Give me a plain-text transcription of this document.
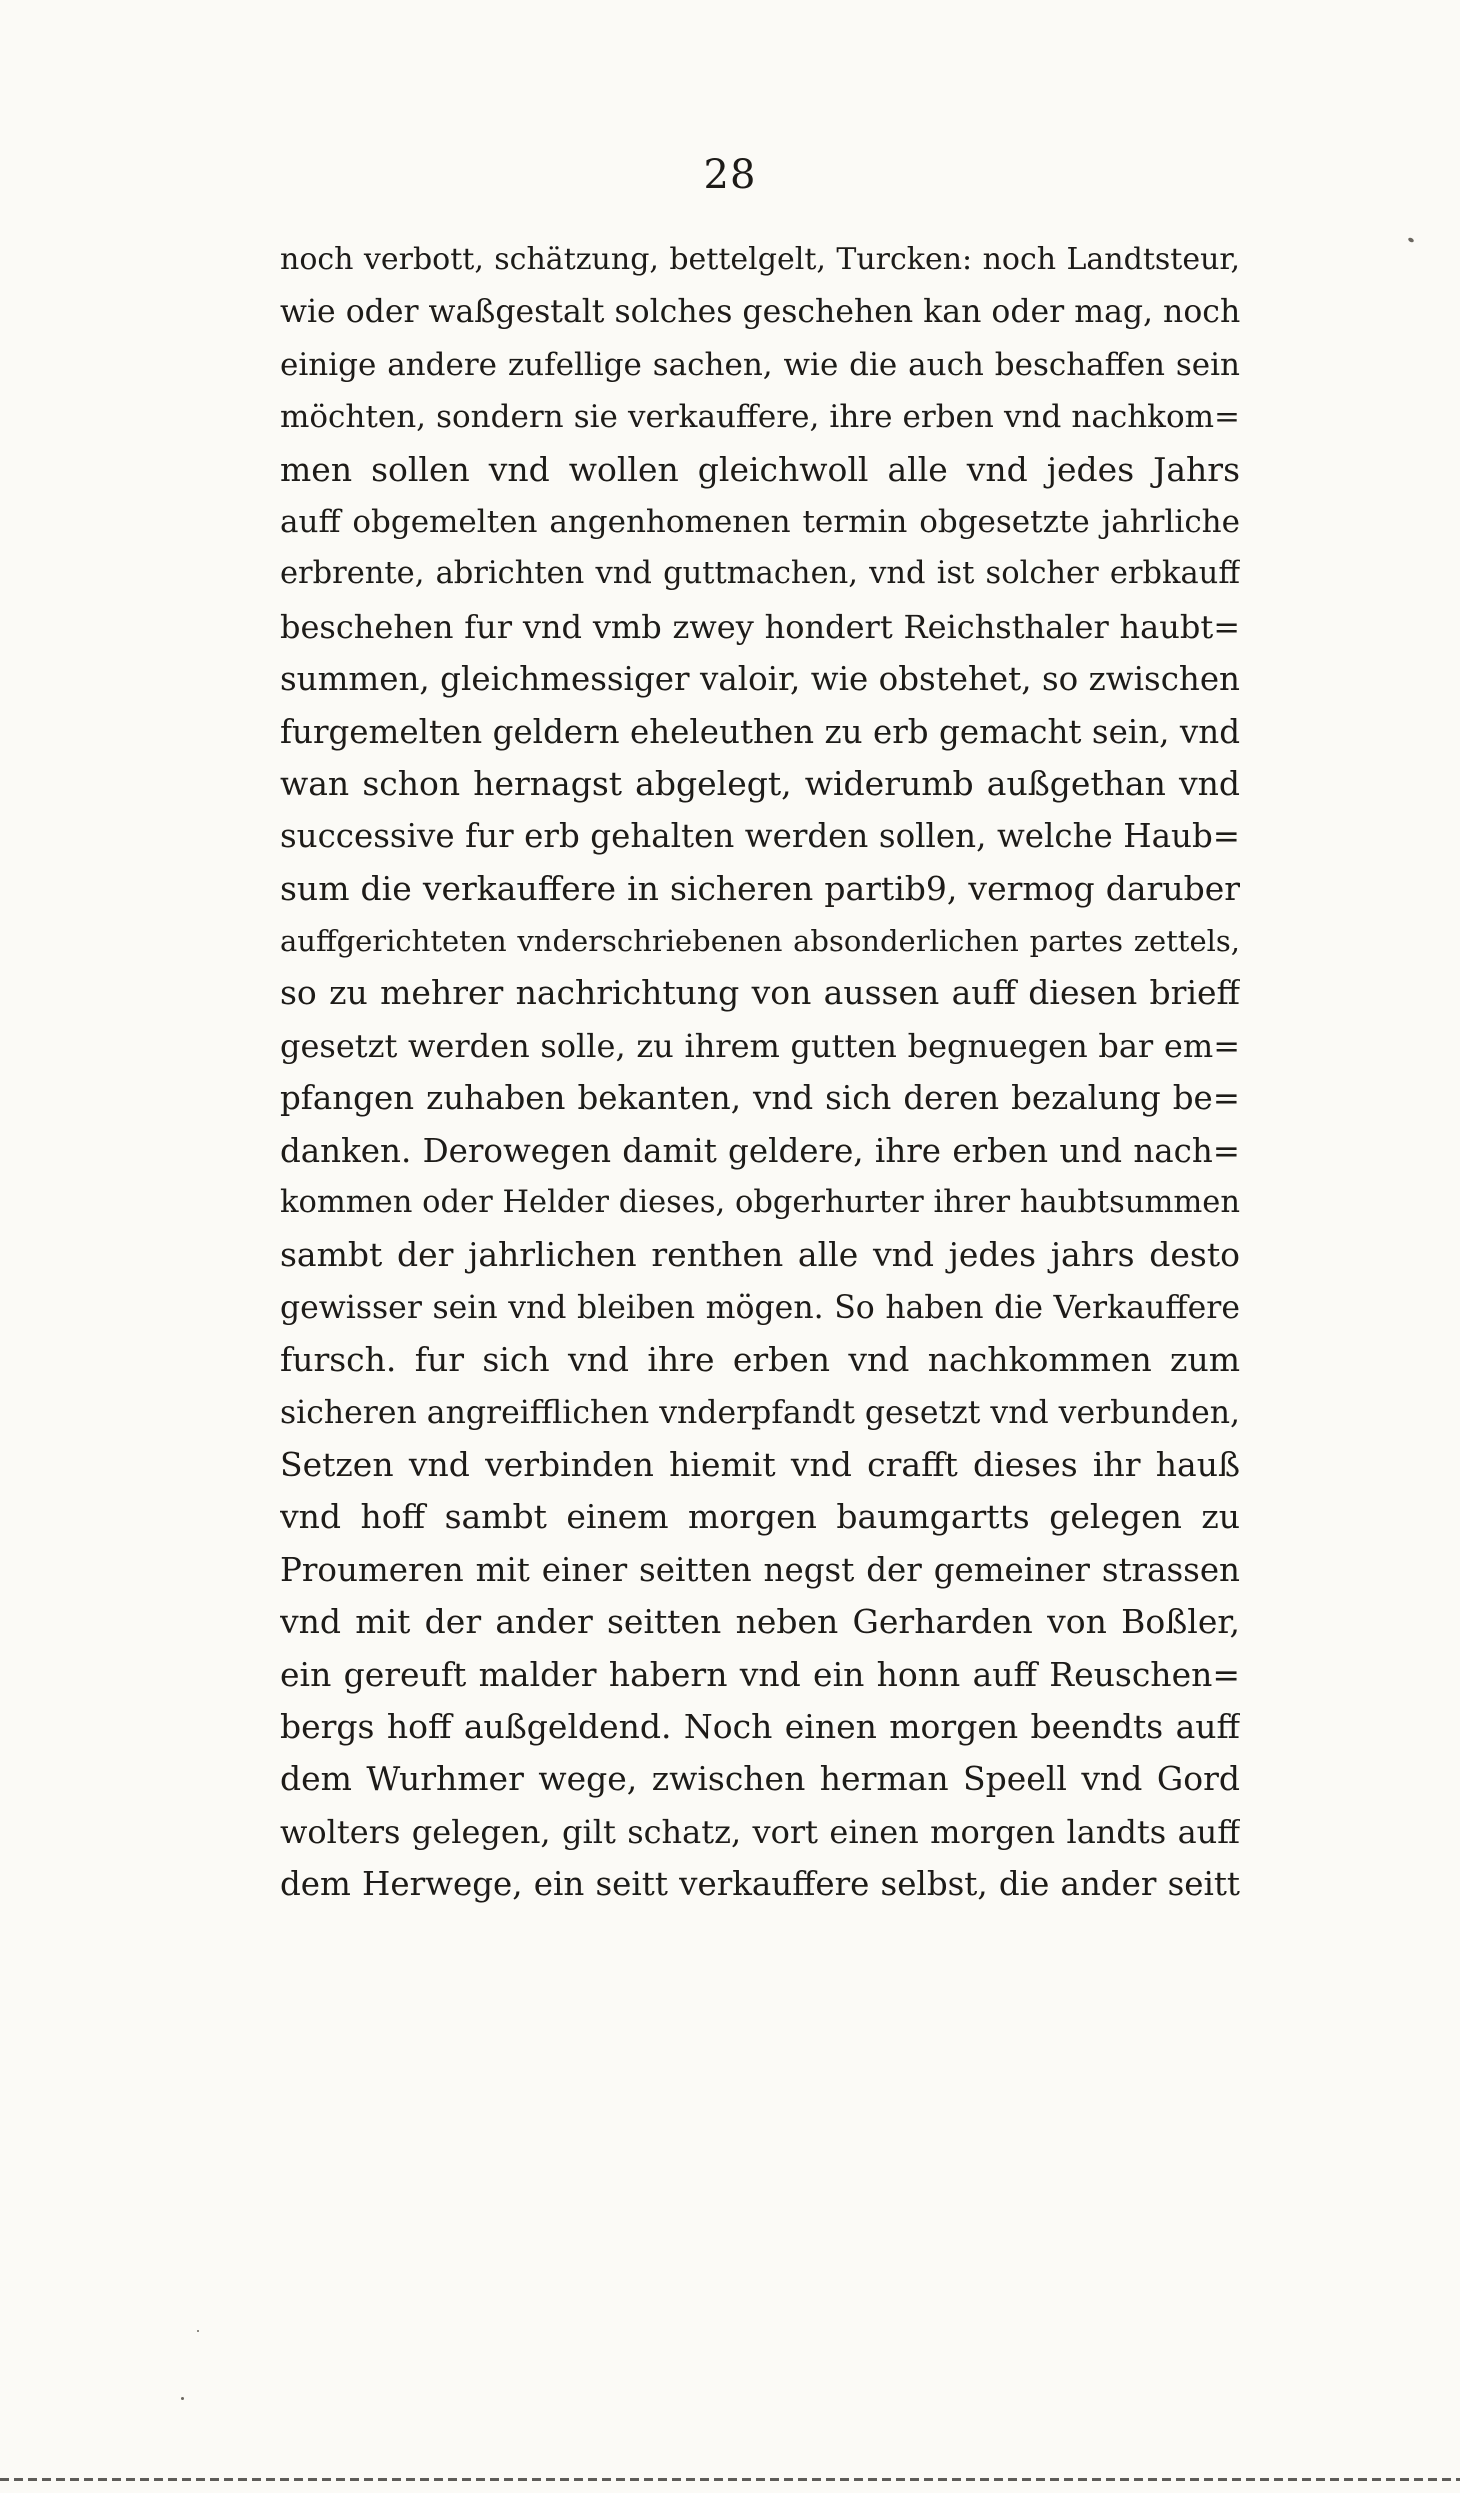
28
noch verbott, schätzung, bettelgelt, Turcken: noch Landtsteur,
wie oder waßgestalt solches geschehen kan oder mag, noch
einige andere zufellige sachen, wie die auch beschaffen sein
möchten, sondern sie verkauffere, ihre erben vnd nachkom=
men sollen vnd wollen gleichwoll alle vnd jedes Jahrs
auff obgemelten angenhomenen termin obgesetzte jahrliche
erbrente, abrichten vnd guttmachen, vnd ist solcher erbkauff
beschehen fur vnd vmb zwey hondert Reichsthaler haubt=
summen, gleichmessiger valoir, wie obstehet, so zwischen
furgemelten geldern eheleuthen zu erb gemacht sein, vnd
wan schon hernagst abgelegt, widerumb außgethan vnd
successive fur erb gehalten werden sollen, welche Haub=
sum die verkauffere in sicheren partib9, vermog daruber
auffgerichteten vnderschriebenen absonderlichen partes zettels,
so zu mehrer nachrichtung von aussen auff diesen brieff
gesetzt werden solle, zu ihrem gutten begnuegen bar em=
pfangen zuhaben bekanten, vnd sich deren bezalung be=
danken. Derowegen damit geldere, ihre erben und nach=
kommen oder Helder dieses, obgerhurter ihrer haubtsummen
sambt der jahrlichen renthen alle vnd jedes jahrs desto
gewisser sein vnd bleiben mögen. So haben die Verkauffere
fursch. fur sich vnd ihre erben vnd nachkommen zum
sicheren angreifflichen vnderpfandt gesetzt vnd verbunden,
Setzen vnd verbinden hiemit vnd crafft dieses ihr hauß
vnd hoff sambt einem morgen baumgartts gelegen zu
Proumeren mit einer seitten negst der gemeiner strassen
vnd mit der ander seitten neben Gerharden von Boßler,
ein gereuft malder habern vnd ein honn auff Reuschen=
bergs hoff außgeldend. Noch einen morgen beendts auff
dem Wurhmer wege, zwischen herman Speell vnd Gord
wolters gelegen, gilt schatz, vort einen morgen landts auff
dem Herwege, ein seitt verkauffere selbst, die ander seitt
